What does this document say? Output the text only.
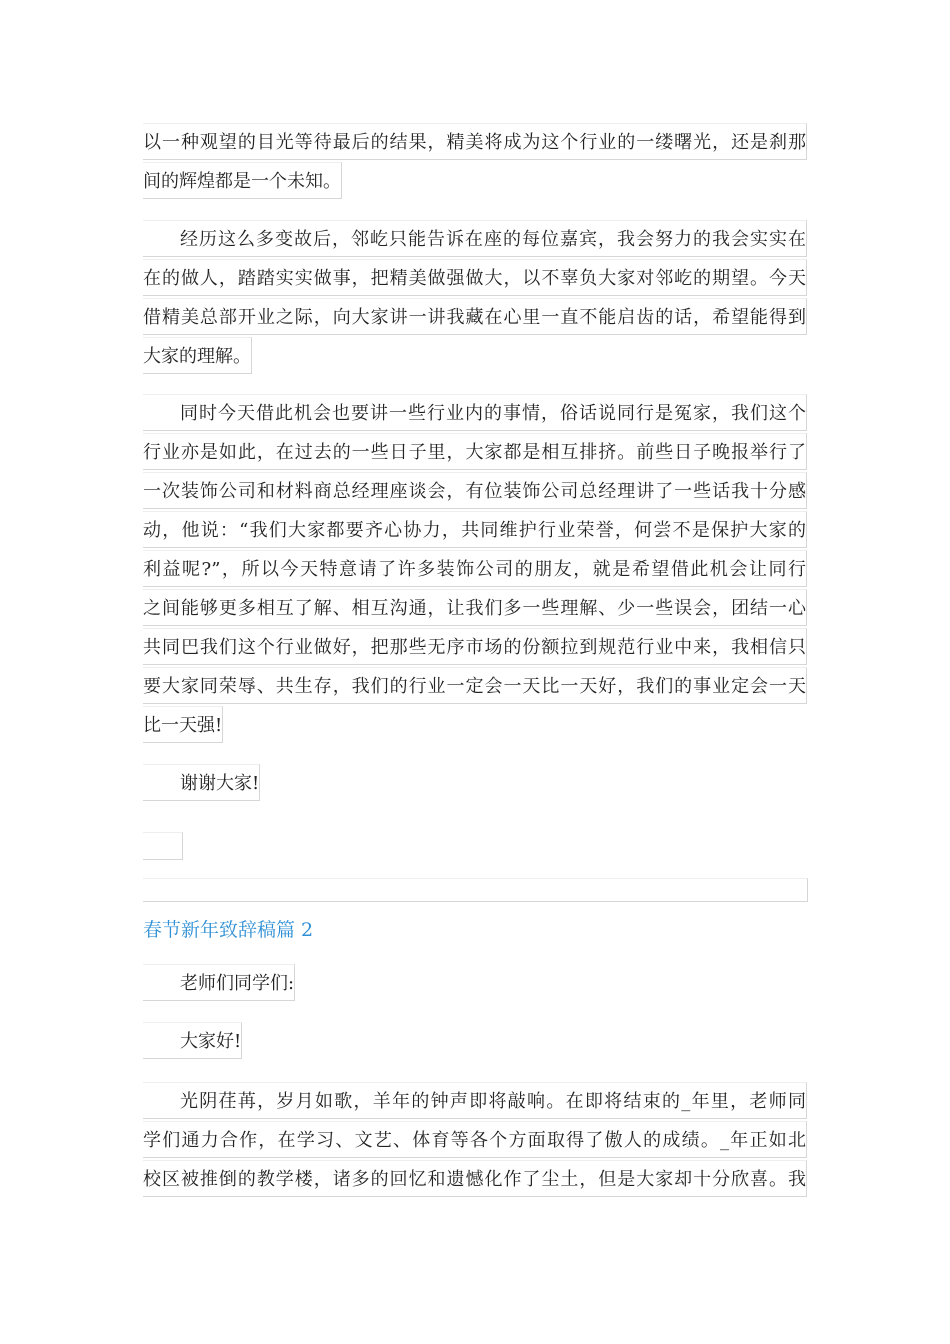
以一种观望的目光等待最后的结果，精美将成为这个行业的一缕曙光，还是刹那
间的辉煌都是一个未知。
经历这么多变故后，邻屹只能告诉在座的每位嘉宾，我会努力的我会实实在
在的做人，踏踏实实做事，把精美做强做大，以不辜负大家对邻屹的期望。今天
借精美总部开业之际，向大家讲一讲我藏在心里一直不能启齿的话，希望能得到
大家的理解。
同时今天借此机会也要讲一些行业内的事情，俗话说同行是冤家，我们这个
行业亦是如此，在过去的一些日子里，大家都是相互排挤。前些日子晚报举行了
一次装饰公司和材料商总经理座谈会，有位装饰公司总经理讲了一些话我十分感
动，他说：“我们大家都要齐心协力，共同维护行业荣誉，何尝不是保护大家的
利益呢?”，所以今天特意请了许多装饰公司的朋友，就是希望借此机会让同行
之间能够更多相互了解、相互沟通，让我们多一些理解、少一些误会，团结一心
共同巴我们这个行业做好，把那些无序市场的份额拉到规范行业中来，我相信只
要大家同荣辱、共生存，我们的行业一定会一天比一天好，我们的事业定会一天
比一天强!
谢谢大家!
春节新年致辞稿篇 2
老师们同学们:
大家好!
光阴荏苒，岁月如歌，羊年的钟声即将敲响。在即将结束的_年里，老师同
学们通力合作，在学习、文艺、体育等各个方面取得了傲人的成绩。_年正如北
校区被推倒的教学楼，诸多的回忆和遗憾化作了尘土，但是大家却十分欣喜。我
